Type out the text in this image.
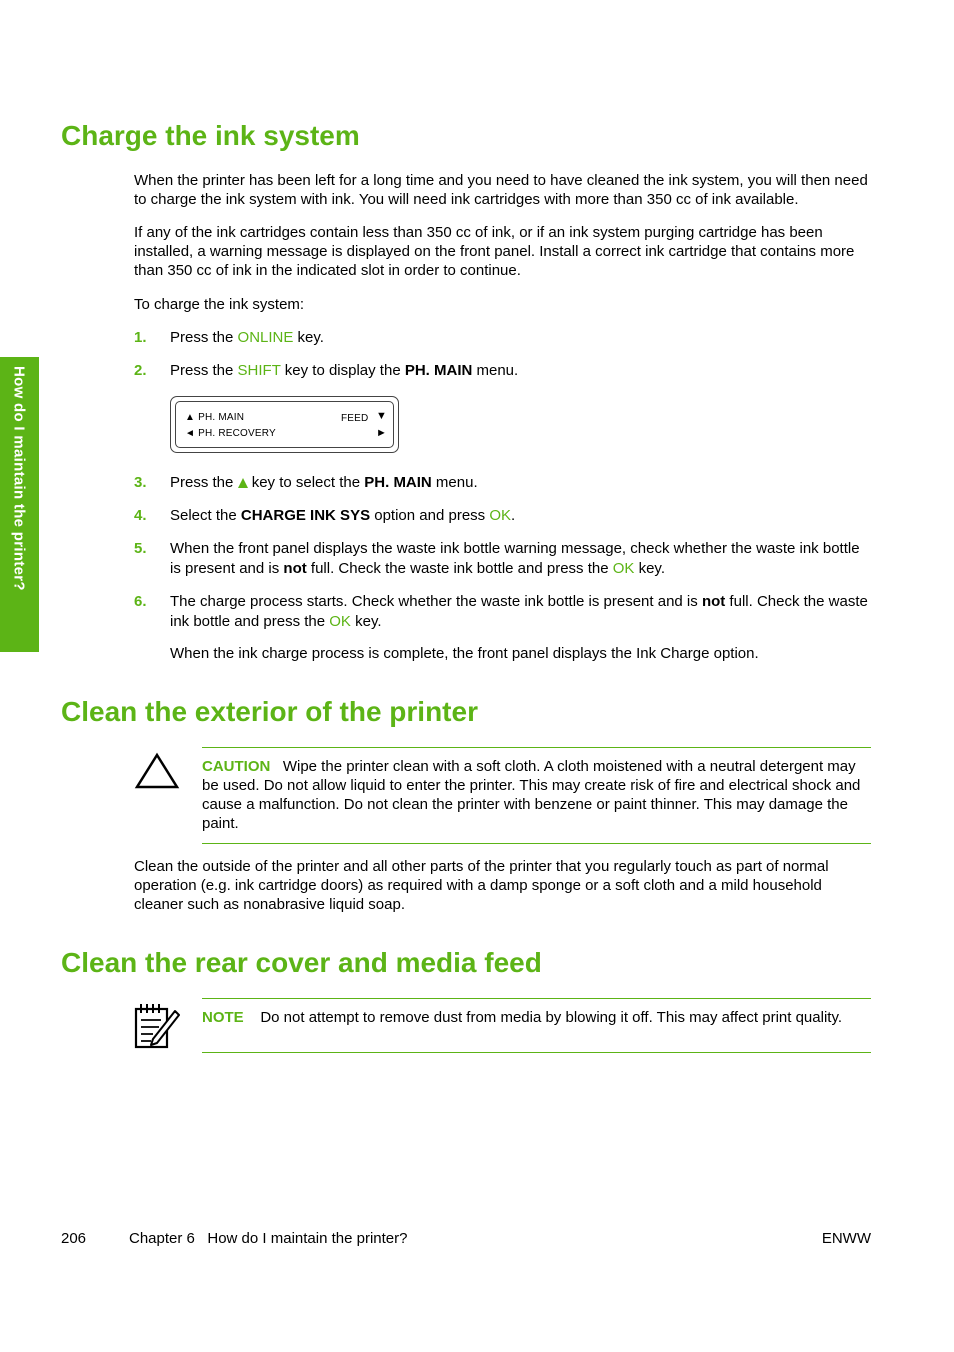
How do I maintain the printer?
Charge the ink system

When the printer has been left for a long time and you need to have cleaned the ink system, you will then need to charge the ink system with ink. You will need ink cartridges with more than 350 cc of ink available.

If any of the ink cartridges contain less than 350 cc of ink, or if an ink system purging cartridge has been installed, a warning message is displayed on the front panel. Install a correct ink cartridge that contains more than 350 cc of ink in the indicated slot in order to continue.

To charge the ink system:

1. Press the ONLINE key.
2. Press the SHIFT key to display the PH. MAIN menu.
▲ PH. MAIN	FEED ▼
◄ PH. RECOVERY	►
3. Press the  key to select the PH. MAIN menu.
4. Select the CHARGE INK SYS option and press OK.
5. When the front panel displays the waste ink bottle warning message, check whether the waste ink bottle is present and is not full. Check the waste ink bottle and press the OK key.
6. The charge process starts. Check whether the waste ink bottle is present and is not full. Check the waste ink bottle and press the OK key.
When the ink charge process is complete, the front panel displays the Ink Charge option.
Clean the exterior of the printer

CAUTION Wipe the printer clean with a soft cloth. A cloth moistened with a neutral detergent may be used. Do not allow liquid to enter the printer. This may create risk of fire and electrical shock and cause a malfunction. Do not clean the printer with benzene or paint thinner. This may damage the paint.

Clean the outside of the printer and all other parts of the printer that you regularly touch as part of normal operation (e.g. ink cartridge doors) as required with a damp sponge or a soft cloth and a mild household cleaner such as nonabrasive liquid soap.

Clean the rear cover and media feed

NOTE Do not attempt to remove dust from media by blowing it off. This may affect print quality.

206	Chapter 6   How do I maintain the printer?	ENWW
